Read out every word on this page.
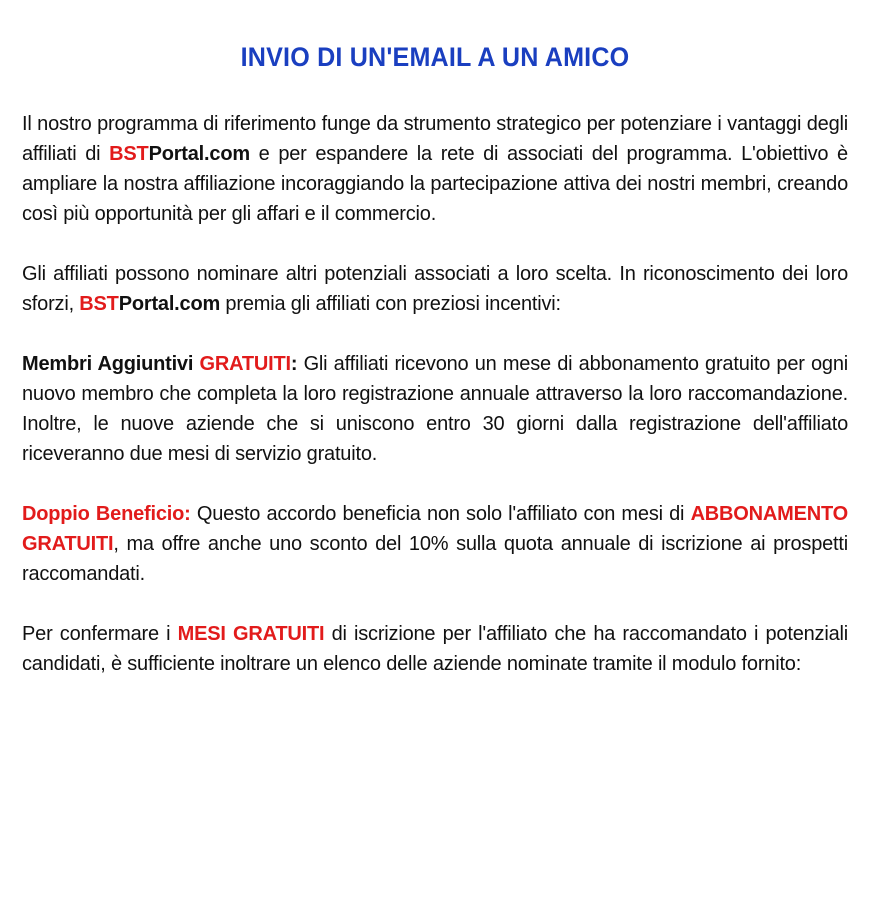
INVIO DI UN'EMAIL A UN AMICO

Il nostro programma di riferimento funge da strumento strategico per potenziare i vantaggi degli affiliati di BSTPortal.com e per espandere la rete di associati del programma. L'obiettivo è ampliare la nostra affiliazione incoraggiando la partecipazione attiva dei nostri membri, creando così più opportunità per gli affari e il commercio.

Gli affiliati possono nominare altri potenziali associati a loro scelta. In riconoscimento dei loro sforzi, BSTPortal.com premia gli affiliati con preziosi incentivi:

Membri Aggiuntivi GRATUITI: Gli affiliati ricevono un mese di abbonamento gratuito per ogni nuovo membro che completa la loro registrazione annuale attraverso la loro raccomandazione. Inoltre, le nuove aziende che si uniscono entro 30 giorni dalla registrazione dell'affiliato riceveranno due mesi di servizio gratuito.

Doppio Beneficio: Questo accordo beneficia non solo l'affiliato con mesi di ABBONAMENTO GRATUITI, ma offre anche uno sconto del 10% sulla quota annuale di iscrizione ai prospetti raccomandati.

Per confermare i MESI GRATUITI di iscrizione per l'affiliato che ha raccomandato i potenziali candidati, è sufficiente inoltrare un elenco delle aziende nominate tramite il modulo fornito:
